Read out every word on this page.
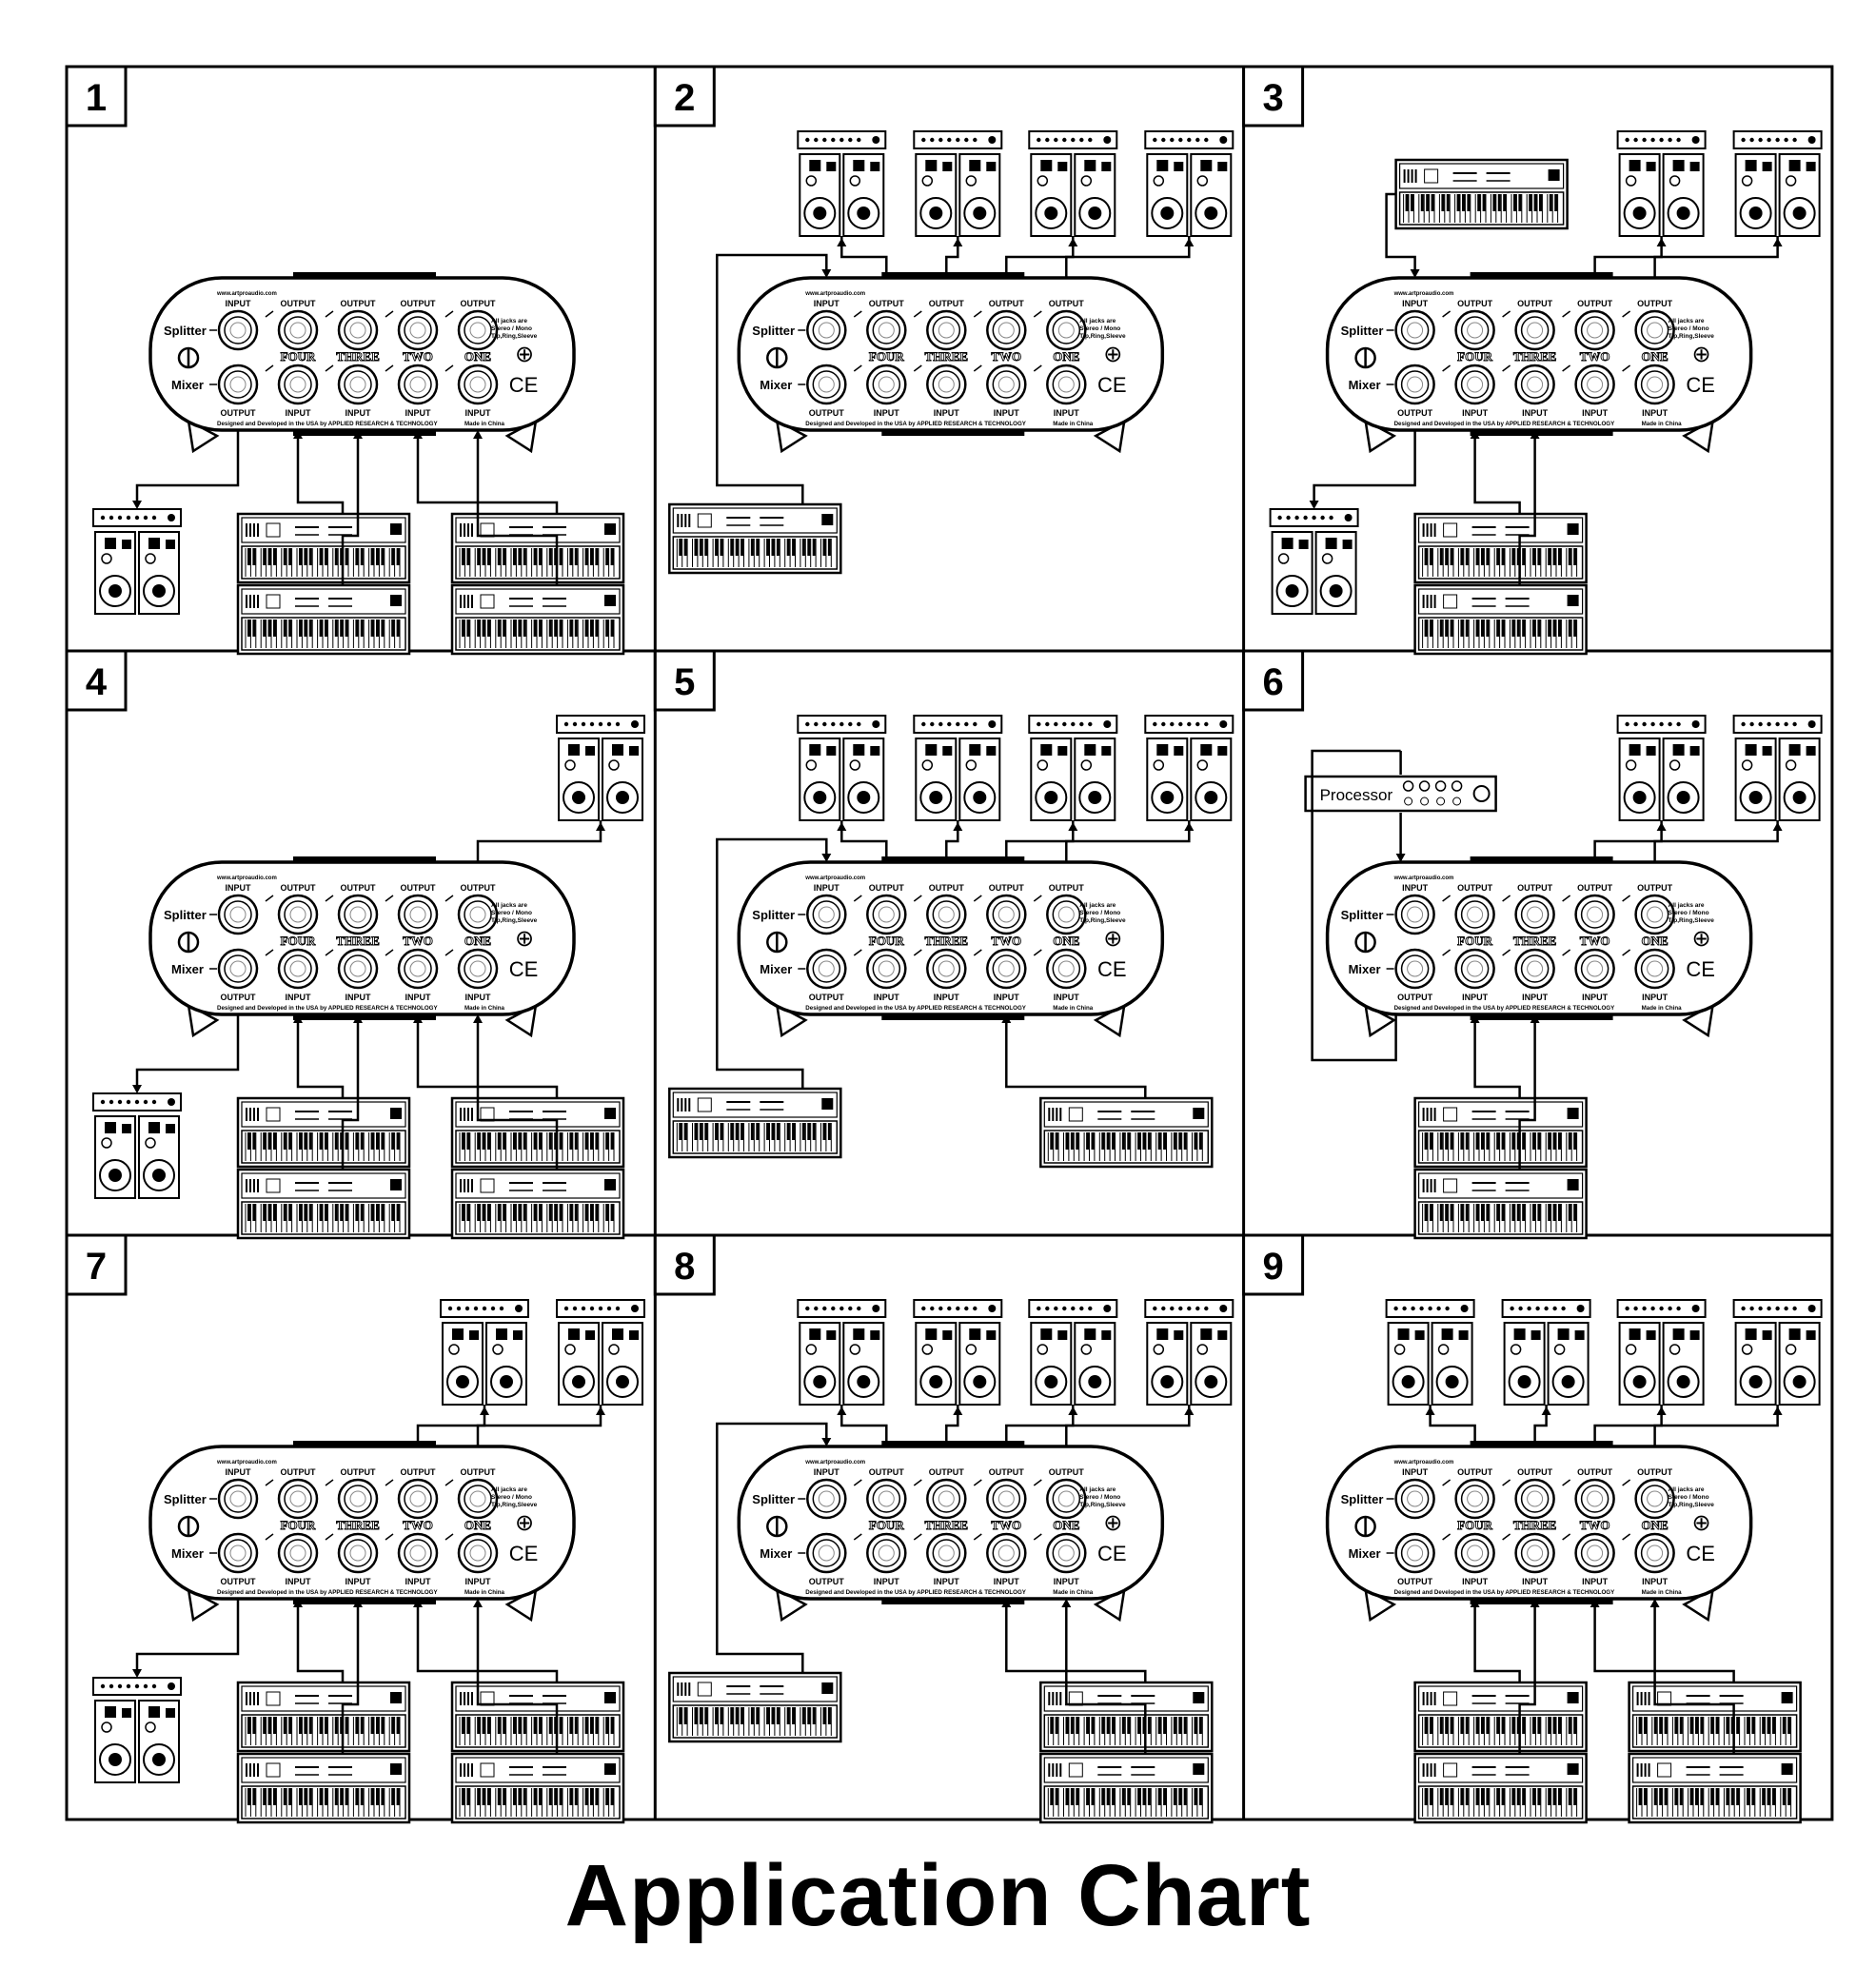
1
www.artproaudio.com
INPUT	OUTPUT	OUTPUT	OUTPUT	OUTPUT
OUTPUT	INPUT	INPUT	INPUT	INPUT
Splitter
Mixer
FOUR THREE TWO	ONE
All jacks are
Stereo / Mono
Tip,Ring,Sleeve
⊕
CE
Designed and Developed in the USA by APPLIED RESEARCH & TECHNOLOGY	Made in China
2
www.artproaudio.com
INPUT	OUTPUT	OUTPUT	OUTPUT	OUTPUT
OUTPUT	INPUT	INPUT	INPUT	INPUT
Splitter
Mixer
FOUR THREE TWO	ONE
All jacks are
Stereo / Mono
Tip,Ring,Sleeve
⊕
CE
Designed and Developed in the USA by APPLIED RESEARCH & TECHNOLOGY	Made in China
3
www.artproaudio.com
INPUT	OUTPUT	OUTPUT	OUTPUT	OUTPUT
OUTPUT	INPUT	INPUT	INPUT	INPUT
Splitter
Mixer
FOUR THREE TWO	ONE
All jacks are
Stereo / Mono
Tip,Ring,Sleeve
⊕
CE
Designed and Developed in the USA by APPLIED RESEARCH & TECHNOLOGY	Made in China
4
www.artproaudio.com
INPUT	OUTPUT	OUTPUT	OUTPUT	OUTPUT
OUTPUT	INPUT	INPUT	INPUT	INPUT
Splitter
Mixer
FOUR THREE TWO	ONE
All jacks are
Stereo / Mono
Tip,Ring,Sleeve
⊕
CE
Designed and Developed in the USA by APPLIED RESEARCH & TECHNOLOGY	Made in China
5
www.artproaudio.com
INPUT	OUTPUT	OUTPUT	OUTPUT	OUTPUT
OUTPUT	INPUT	INPUT	INPUT	INPUT
Splitter
Mixer
FOUR THREE TWO	ONE
All jacks are
Stereo / Mono
Tip,Ring,Sleeve
⊕
CE
Designed and Developed in the USA by APPLIED RESEARCH & TECHNOLOGY	Made in China
6
www.artproaudio.com
INPUT	OUTPUT	OUTPUT	OUTPUT	OUTPUT
OUTPUT	INPUT	INPUT	INPUT	INPUT
Splitter
Mixer
FOUR THREE TWO	ONE
All jacks are
Stereo / Mono
Tip,Ring,Sleeve
⊕
CE
Designed and Developed in the USA by APPLIED RESEARCH & TECHNOLOGY	Made in China
Processor
7
www.artproaudio.com
INPUT	OUTPUT	OUTPUT	OUTPUT	OUTPUT
OUTPUT	INPUT	INPUT	INPUT	INPUT
Splitter
Mixer
FOUR THREE TWO	ONE
All jacks are
Stereo / Mono
Tip,Ring,Sleeve
⊕
CE
Designed and Developed in the USA by APPLIED RESEARCH & TECHNOLOGY	Made in China
8
www.artproaudio.com
INPUT	OUTPUT	OUTPUT	OUTPUT	OUTPUT
OUTPUT	INPUT	INPUT	INPUT	INPUT
Splitter
Mixer
FOUR THREE TWO	ONE
All jacks are
Stereo / Mono
Tip,Ring,Sleeve
⊕
CE
Designed and Developed in the USA by APPLIED RESEARCH & TECHNOLOGY	Made in China
9
www.artproaudio.com
INPUT	OUTPUT	OUTPUT	OUTPUT	OUTPUT
OUTPUT	INPUT	INPUT	INPUT	INPUT
Splitter
Mixer
FOUR THREE TWO	ONE
All jacks are
Stereo / Mono
Tip,Ring,Sleeve
⊕
CE
Designed and Developed in the USA by APPLIED RESEARCH & TECHNOLOGY	Made in China
Application Chart
